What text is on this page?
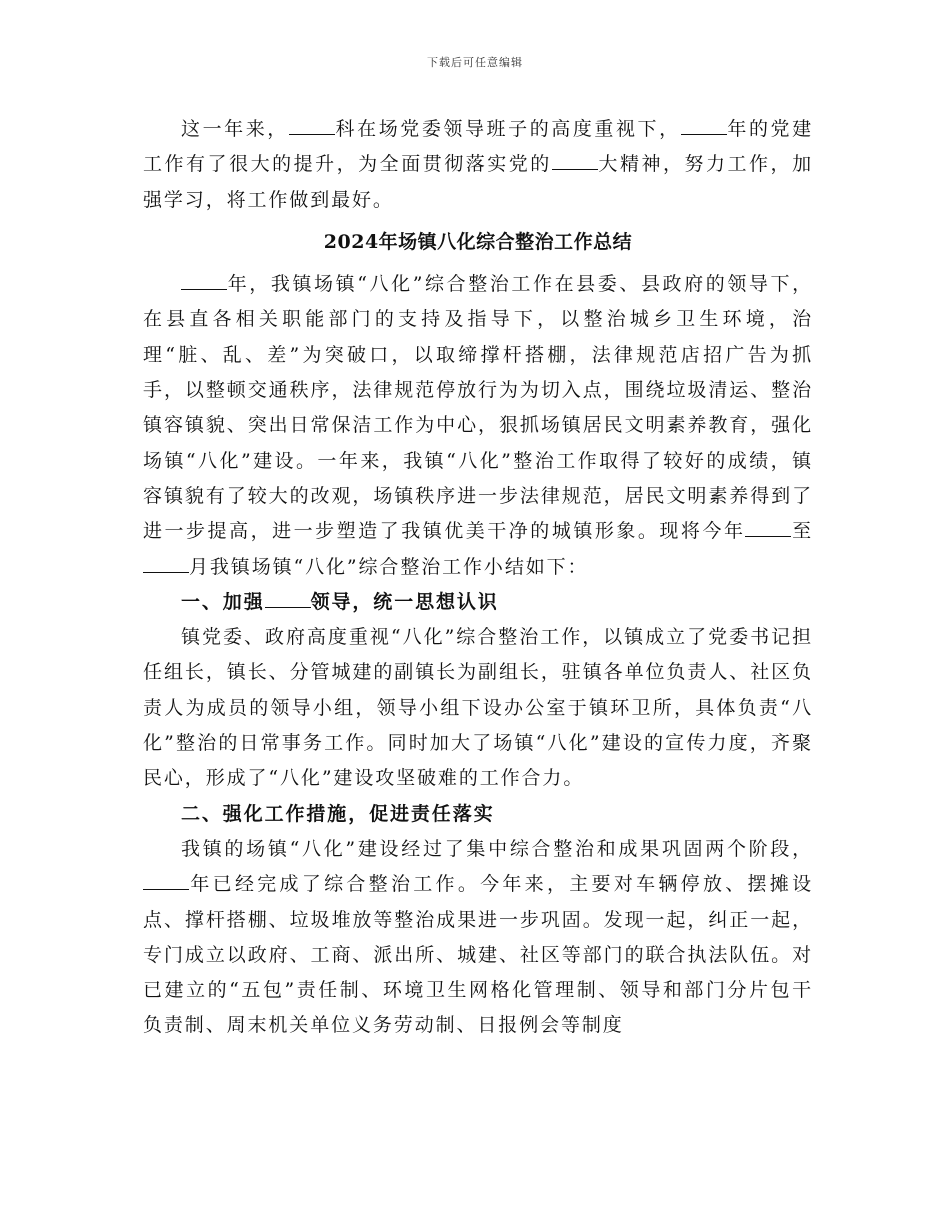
下载后可任意编辑

这一年来， 科在场党委领导班子的高度重视下， 年的党建工作有了很大的提升，为全面贯彻落实党的 大精神，努力工作，加强学习，将工作做到最好。

2024年场镇八化综合整治工作总结

年，我镇场镇“八化”综合整治工作在县委、县政府的领导下，在县直各相关职能部门的支持及指导下，以整治城乡卫生环境，治理“脏、乱、差”为突破口，以取缔撑杆搭棚，法律规范店招广告为抓手，以整顿交通秩序，法律规范停放行为为切入点，围绕垃圾清运、整治镇容镇貌、突出日常保洁工作为中心，狠抓场镇居民文明素养教育，强化场镇“八化”建设。一年来，我镇“八化”整治工作取得了较好的成绩，镇容镇貌有了较大的改观，场镇秩序进一步法律规范，居民文明素养得到了进一步提高，进一步塑造了我镇优美干净的城镇形象。现将今年 至月我镇场镇“八化”综合整治工作小结如下：

一、加强 领导，统一思想认识

镇党委、政府高度重视“八化”综合整治工作，以镇成立了党委书记担任组长，镇长、分管城建的副镇长为副组长，驻镇各单位负责人、社区负责人为成员的领导小组，领导小组下设办公室于镇环卫所，具体负责“八化”整治的日常事务工作。同时加大了场镇“八化”建设的宣传力度，齐聚民心，形成了“八化”建设攻坚破难的工作合力。

二、强化工作措施，促进责任落实

我镇的场镇“八化”建设经过了集中综合整治和成果巩固两个阶段，年已经完成了综合整治工作。今年来，主要对车辆停放、摆摊设点、撑杆搭棚、垃圾堆放等整治成果进一步巩固。发现一起，纠正一起，专门成立以政府、工商、派出所、城建、社区等部门的联合执法队伍。对已建立的“五包”责任制、环境卫生网格化管理制、领导和部门分片包干负责制、周末机关单位义务劳动制、日报例会等制度
